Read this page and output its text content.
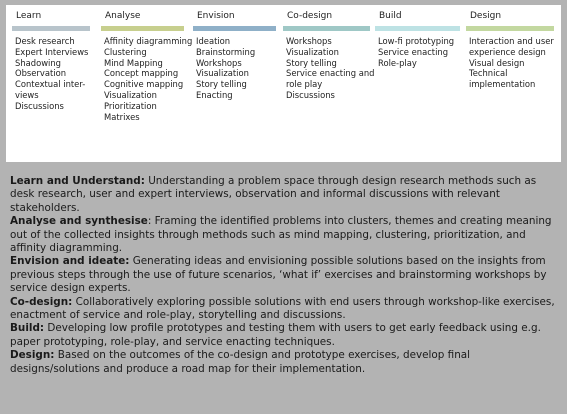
Learn
Desk research
Expert Interviews
Shadowing
Observation
Contextual inter-
views
Discussions
Analyse
Affinity diagramming
Clustering
Mind Mapping
Concept mapping
Cognitive mapping
Visualization
Prioritization
Matrixes
Envision
Ideation
Brainstorming
Workshops
Visualization
Story telling
Enacting
Co-design
Workshops
Visualization
Story telling
Service enacting and
role play
Discussions
Build
Low-fi prototyping
Service enacting
Role-play
Design
Interaction and user
experience design
Visual design
Technical
implementation

Learn and Understand: Understanding a problem space through design research methods such as desk research, user and expert interviews, observation and informal discussions with relevant stakeholders.

Analyse and synthesise: Framing the identified problems into clusters, themes and creating meaning out of the collected insights through methods such as mind mapping, clustering, prioritization, and affinity diagramming.

Envision and ideate: Generating ideas and envisioning possible solutions based on the insights from previous steps through the use of future scenarios, ‘what if’ exercises and brainstorming workshops by service design experts.

Co-design: Collaboratively exploring possible solutions with end users through workshop-like exercises, enactment of service and role-play, storytelling and discussions.

Build: Developing low profile prototypes and testing them with users to get early feedback using e.g. paper prototyping, role-play, and service enacting techniques.

Design: Based on the outcomes of the co-design and prototype exercises, develop final designs/solutions and produce a road map for their implementation.
